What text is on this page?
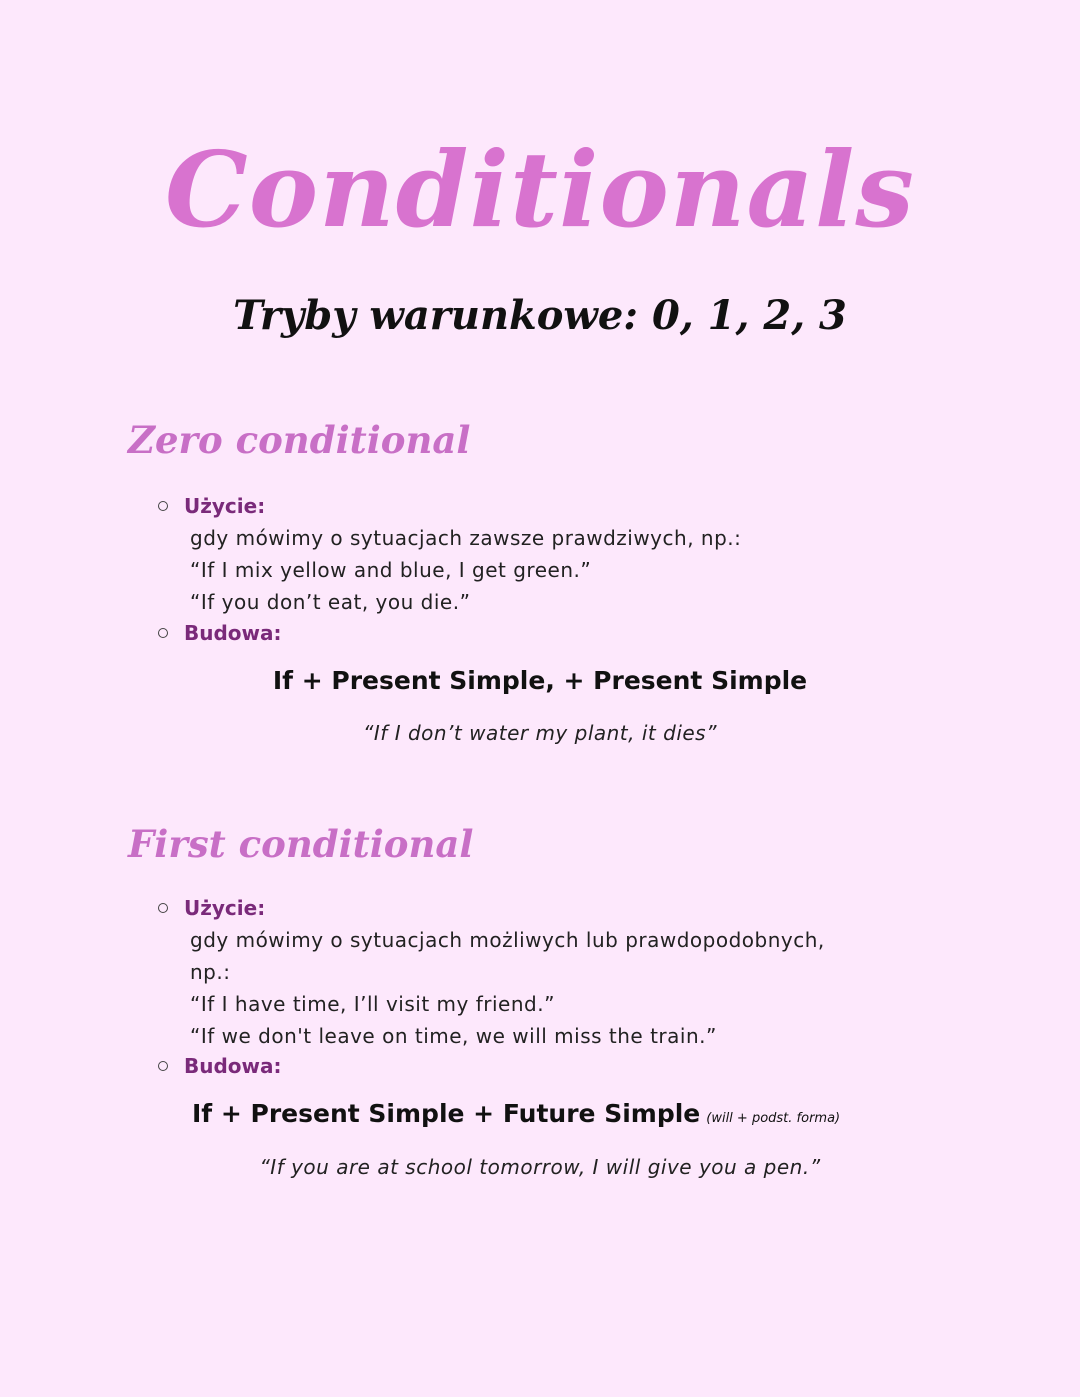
Conditionals
Tryby warunkowe: 0, 1, 2, 3
Zero conditional
Użycie:
gdy mówimy o sytuacjach zawsze prawdziwych, np.:
“If I mix yellow and blue, I get green.”
“If you don’t eat, you die.”
Budowa:
If + Present Simple, + Present Simple
“If I don’t water my plant, it dies”
First conditional
Użycie:
gdy mówimy o sytuacjach możliwych lub prawdopodobnych,
np.:
“If I have time, I’ll visit my friend.”
“If we don't leave on time, we will miss the train.”
Budowa:
If + Present Simple + Future Simple (will + podst. forma)
“If you are at school tomorrow, I will give you a pen.”
